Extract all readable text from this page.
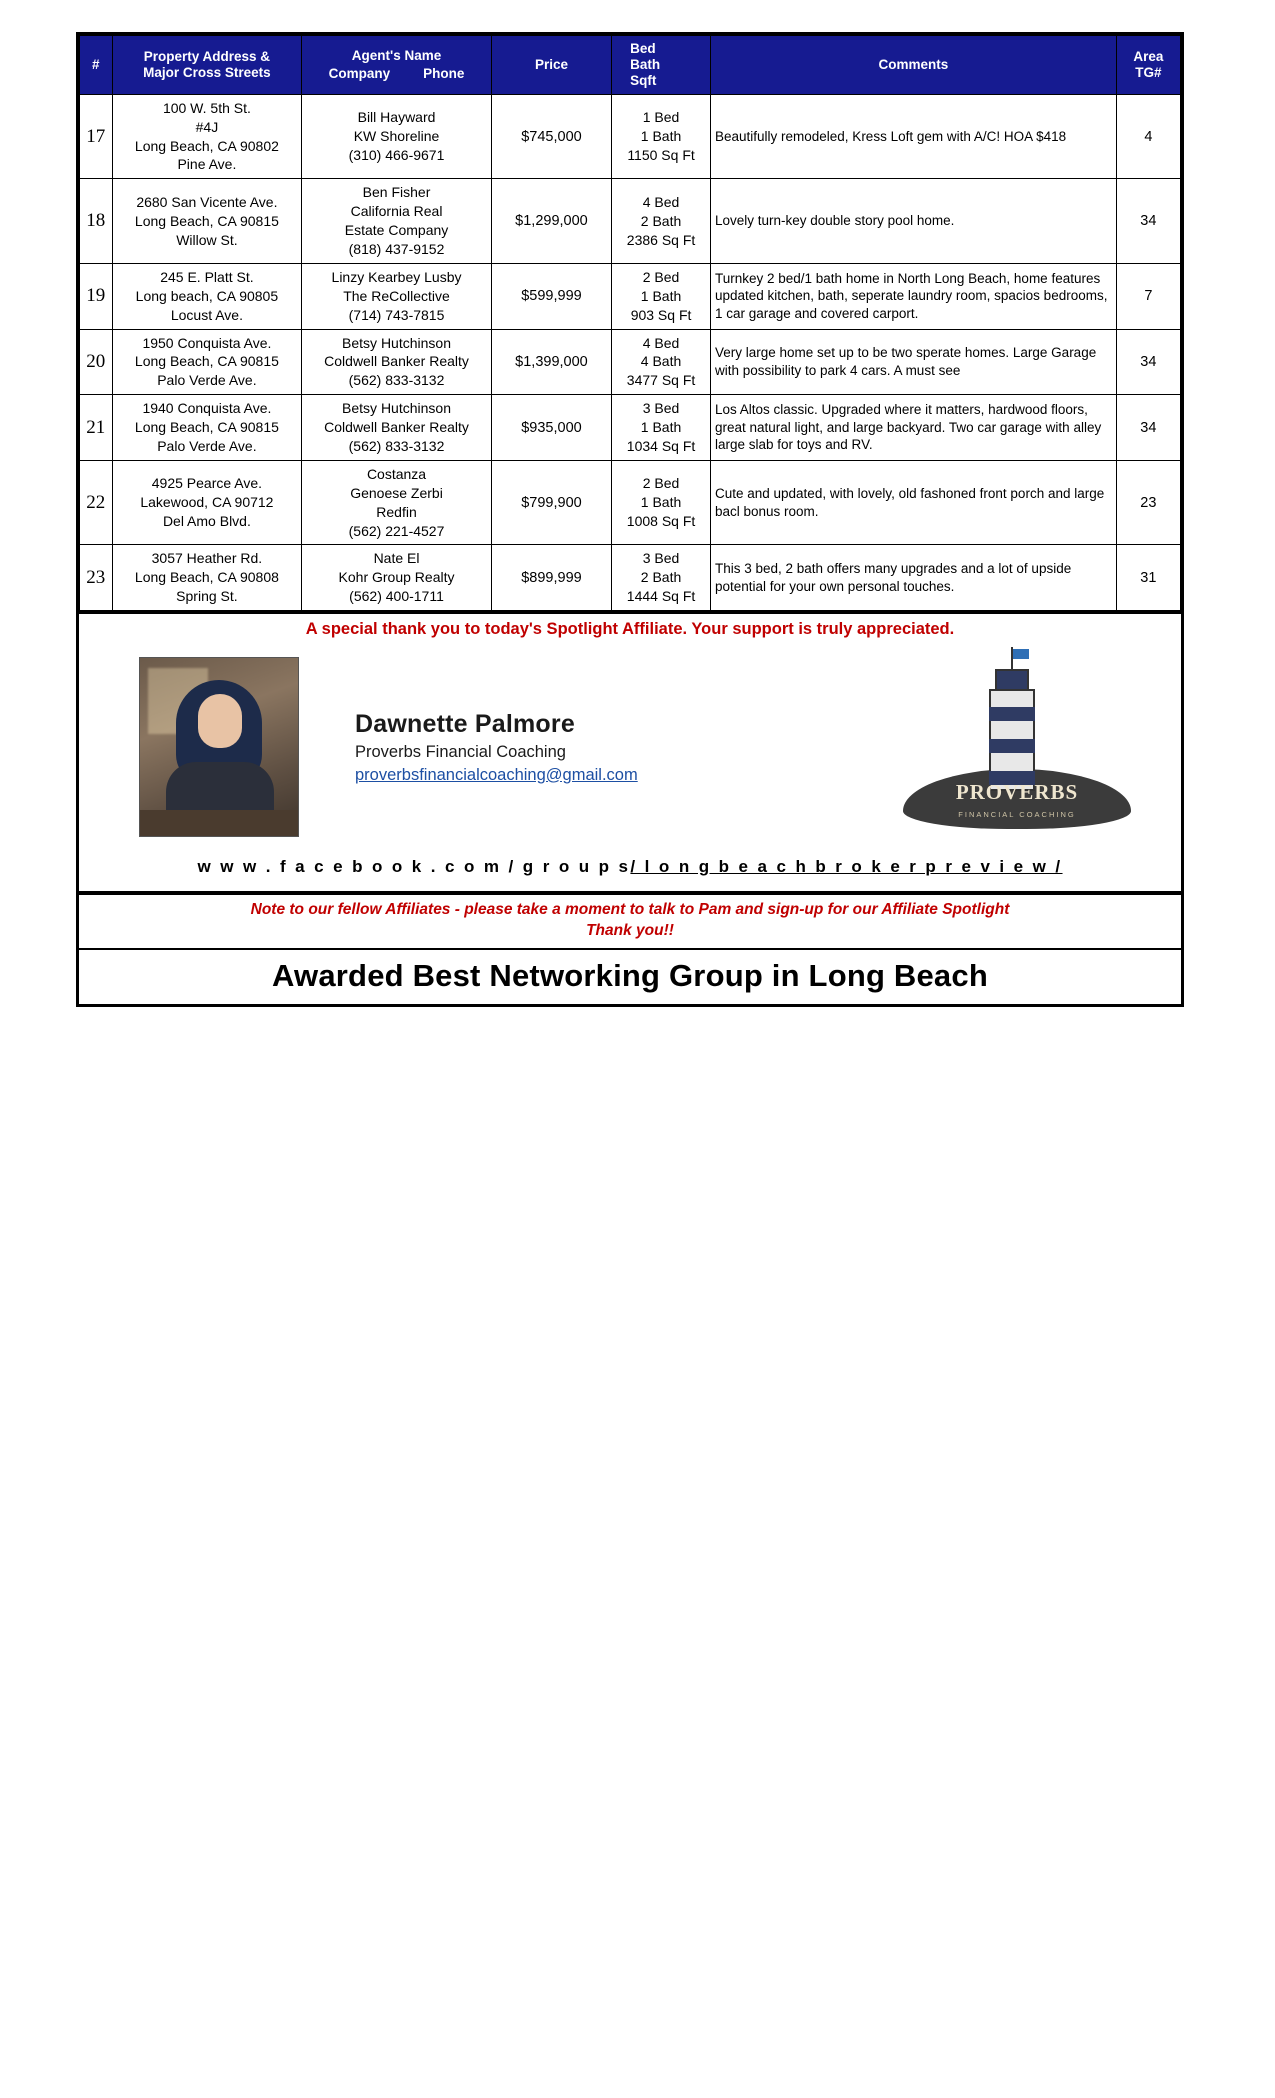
#	Property Address &
Major Cross Streets	Agent's Name
Company Phone	Price	Bed
Bath
Sqft	Comments	Area
TG#

17	100 W. 5th St.
#4J
Long Beach, CA 90802
Pine Ave.	Bill Hayward
KW Shoreline
(310) 466-9671	$745,000	1 Bed
1 Bath
1150 Sq Ft	Beautifully remodeled, Kress Loft gem with A/C! HOA $418	4
18	2680 San Vicente Ave.
Long Beach, CA 90815
Willow St.	Ben Fisher
California Real
Estate Company
(818) 437-9152	$1,299,000	4 Bed
2 Bath
2386 Sq Ft	Lovely turn-key double story pool home.	34
19	245 E. Platt St.
Long beach, CA 90805
Locust Ave.	Linzy Kearbey Lusby
The ReCollective
(714) 743-7815	$599,999	2 Bed
1 Bath
903 Sq Ft	Turnkey 2 bed/1 bath home in North Long Beach, home features updated kitchen, bath, seperate laundry room, spacios bedrooms, 1 car garage and covered carport.	7
20	1950 Conquista Ave.
Long Beach, CA 90815
Palo Verde Ave.	Betsy Hutchinson
Coldwell Banker Realty
(562) 833-3132	$1,399,000	4 Bed
4 Bath
3477 Sq Ft	Very large home set up to be two sperate homes. Large Garage with possibility to park 4 cars. A must see	34
21	1940 Conquista Ave.
Long Beach, CA 90815
Palo Verde Ave.	Betsy Hutchinson
Coldwell Banker Realty
(562) 833-3132	$935,000	3 Bed
1 Bath
1034 Sq Ft	Los Altos classic. Upgraded where it matters, hardwood floors, great natural light, and large backyard. Two car garage with alley large slab for toys and RV.	34
22	4925 Pearce Ave.
Lakewood, CA 90712
Del Amo Blvd.	Costanza
Genoese Zerbi
Redfin
(562) 221-4527	$799,900	2 Bed
1 Bath
1008 Sq Ft	Cute and updated, with lovely, old fashoned front porch and large bacl bonus room.	23
23	3057 Heather Rd.
Long Beach, CA 90808
Spring St.	Nate El
Kohr Group Realty
(562) 400-1711	$899,999	3 Bed
2 Bath
1444 Sq Ft	This 3 bed, 2 bath offers many upgrades and a lot of upside potential for your own personal touches.	31
A special thank you to today's Spotlight Affiliate. Your support is truly appreciated.
Dawnette Palmore
Proverbs Financial Coaching
proverbsfinancialcoaching@gmail.com
PROVERBS
FINANCIAL COACHING
w w w . f a c e b o o k . c o m / g r o u p s/ l o n g b e a c h b r o k e r p r e v i e w /
Note to our fellow Affiliates - please take a moment to talk to Pam and sign-up for our Affiliate Spotlight
Thank you!!
Awarded Best Networking Group in Long Beach
